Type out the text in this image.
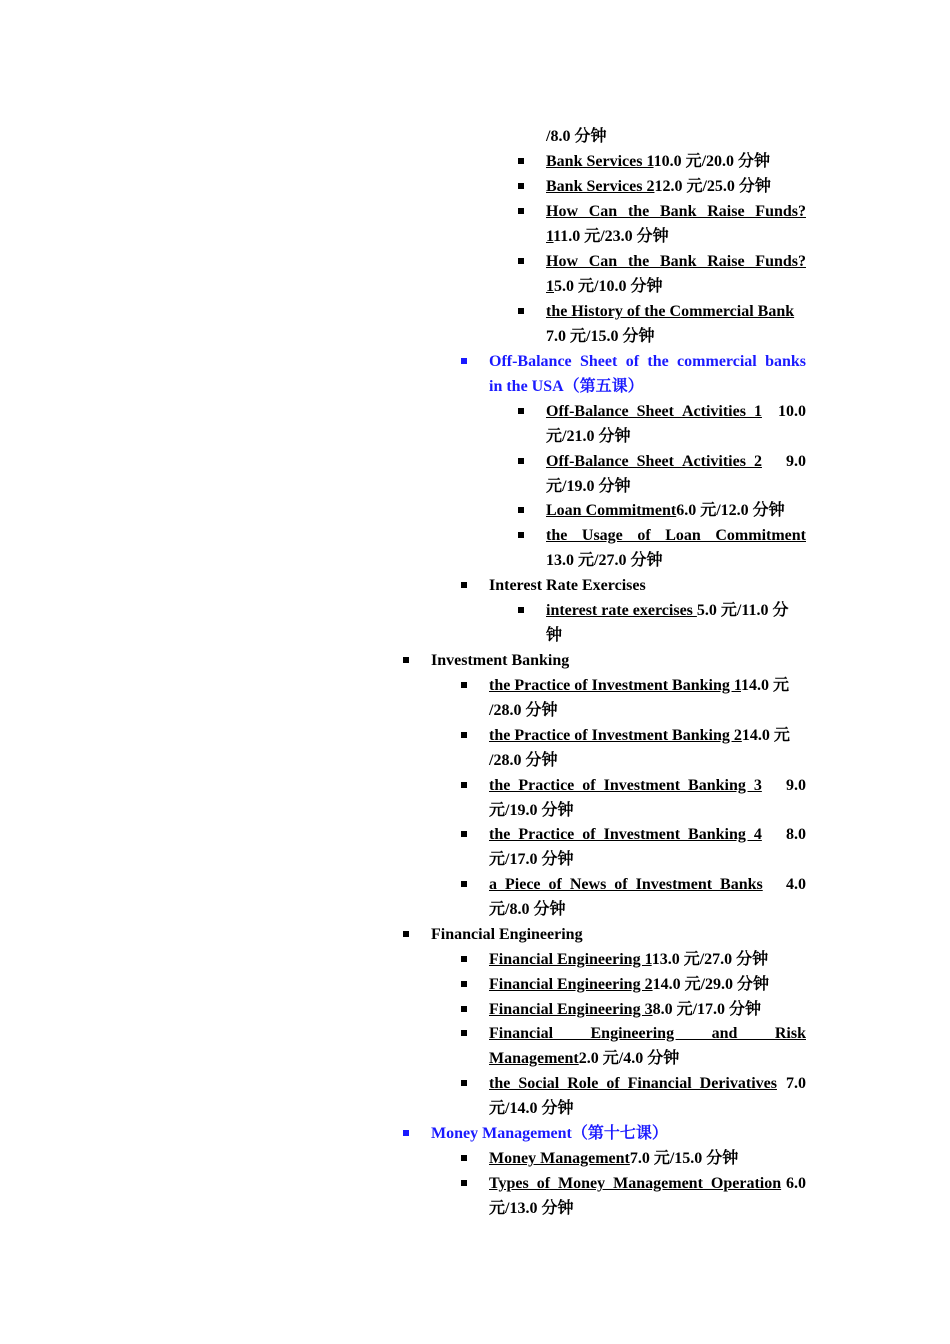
/8.0 分钟
Bank Services 110.0 元/20.0 分钟
Bank Services 212.0 元/25.0 分钟
How Can the Bank Raise Funds?
111.0 元/23.0 分钟
How Can the Bank Raise Funds?
15.0 元/10.0 分钟
the History of the Commercial Bank
7.0 元/15.0 分钟
Off-Balance Sheet of the commercial banks
in the USA（第五课）
Off-Balance  Sheet  Activities  1 10.0
元/21.0 分钟
Off-Balance  Sheet  Activities  2 9.0
元/19.0 分钟
Loan Commitment6.0 元/12.0 分钟
the Usage of Loan Commitment
13.0 元/27.0 分钟
Interest Rate Exercises
interest rate exercises 5.0 元/11.0 分
钟
Investment Banking
the Practice of Investment Banking 114.0 元
/28.0 分钟
the Practice of Investment Banking 214.0 元
/28.0 分钟
the  Practice  of  Investment  Banking  3 9.0
元/19.0 分钟
the  Practice  of  Investment  Banking  4 8.0
元/17.0 分钟
a  Piece  of  News  of  Investment  Banks 4.0
元/8.0 分钟
Financial Engineering
Financial Engineering 113.0 元/27.0 分钟
Financial Engineering 214.0 元/29.0 分钟
Financial Engineering 38.0 元/17.0 分钟
Financial Engineering and Risk
Management2.0 元/4.0 分钟
the  Social  Role  of  Financial  Derivatives 7.0
元/14.0 分钟
Money Management（第十七课）
Money Management7.0 元/15.0 分钟
Types  of  Money  Management  Operation 6.0
元/13.0 分钟
